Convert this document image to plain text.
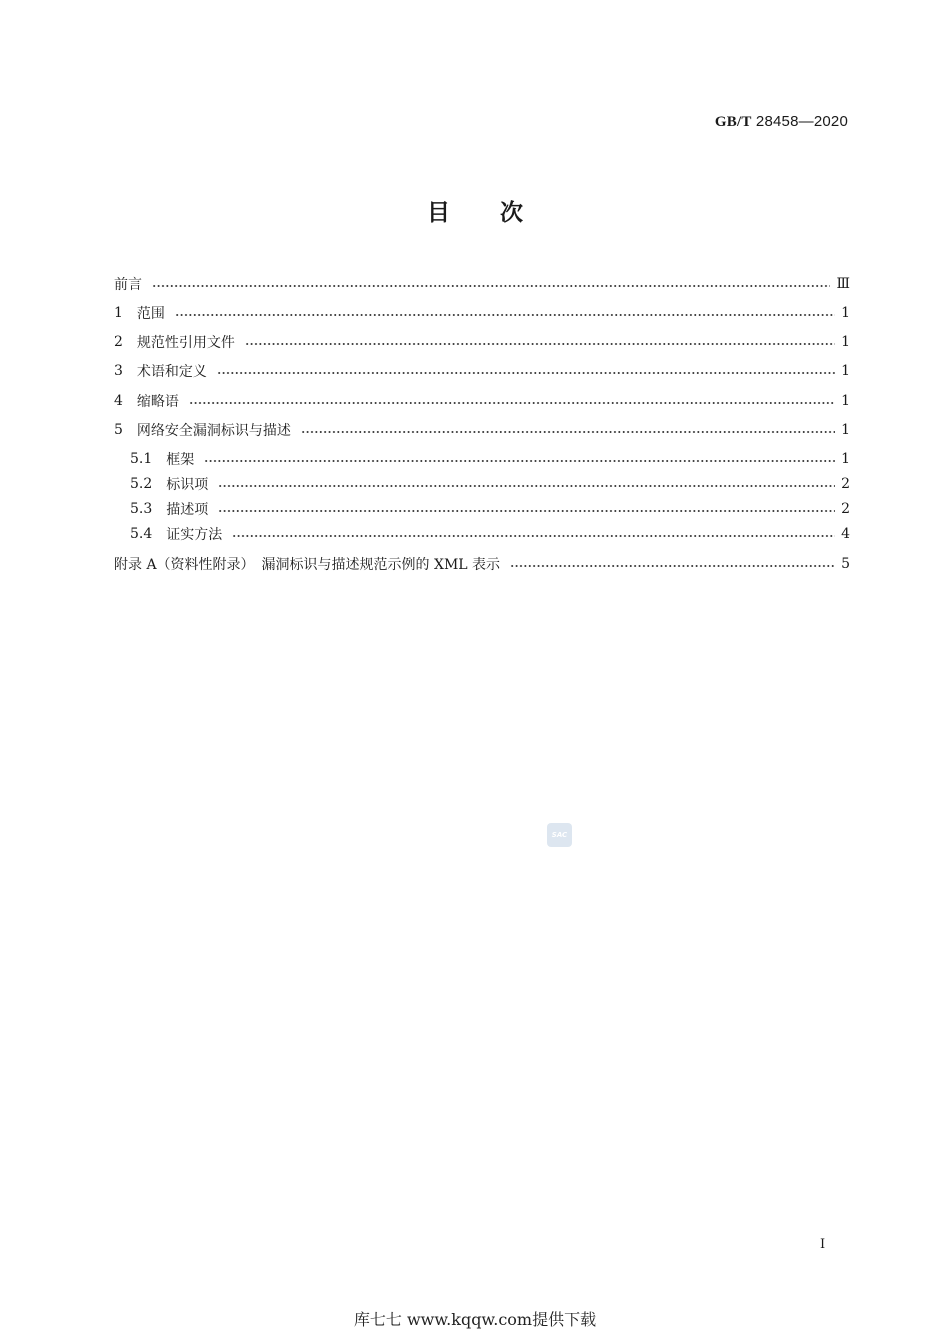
GB/T 28458—2020
目 次
前言	Ⅲ
1 范围	1
2 规范性引用文件	1
3 术语和定义	1
4 缩略语	1
5 网络安全漏洞标识与描述	1
5.1 框架	1
5.2 标识项	2
5.3 描述项	2
5.4 证实方法	4
附录 A（资料性附录）　漏洞标识与描述规范示例的 XML 表示	5
SAC
I
库七七 www.kqqw.com提供下载
